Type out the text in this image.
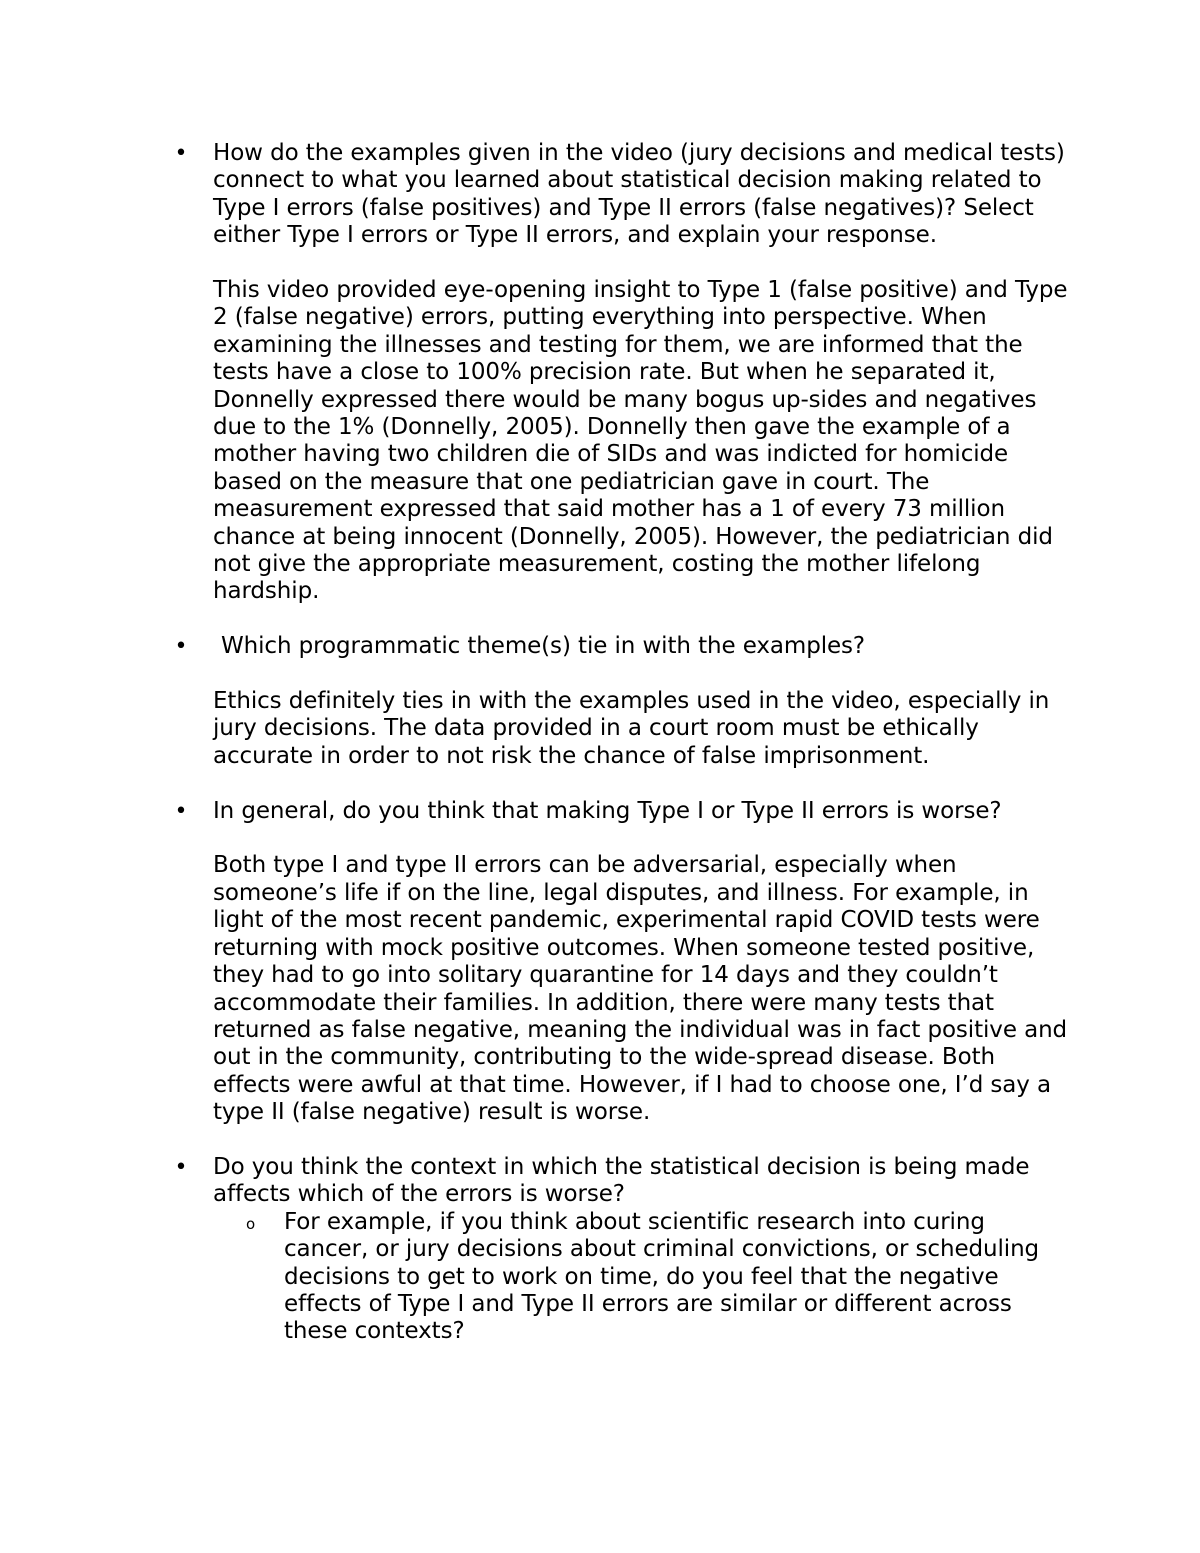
• How do the examples given in the video (jury decisions and medical tests) connect to what you learned about statistical decision making related to Type I errors (false positives) and Type II errors (false negatives)? Select either Type I errors or Type II errors, and explain your response.

This video provided eye-opening insight to Type 1 (false positive) and Type 2 (false negative) errors, putting everything into perspective. When examining the illnesses and testing for them, we are informed that the tests have a close to 100% precision rate. But when he separated it, Donnelly expressed there would be many bogus up-sides and negatives due to the 1% (Donnelly, 2005). Donnelly then gave the example of a mother having two children die of SIDs and was indicted for homicide based on the measure that one pediatrician gave in court. The measurement expressed that said mother has a 1 of every 73 million chance at being innocent (Donnelly, 2005). However, the pediatrician did not give the appropriate measurement, costing the mother lifelong hardship.

•	Which programmatic theme(s) tie in with the examples?

Ethics definitely ties in with the examples used in the video, especially in jury decisions. The data provided in a court room must be ethically accurate in order to not risk the chance of false imprisonment.

• In general, do you think that making Type I or Type II errors is worse?

Both type I and type II errors can be adversarial, especially when someone’s life if on the line, legal disputes, and illness. For example, in light of the most recent pandemic, experimental rapid COVID tests were returning with mock positive outcomes. When someone tested positive, they had to go into solitary quarantine for 14 days and they couldn’t accommodate their families. In addition, there were many tests that returned as false negative, meaning the individual was in fact positive and out in the community, contributing to the wide-spread disease. Both effects were awful at that time. However, if I had to choose one, I’d say a type II (false negative) result is worse.

• Do you think the context in which the statistical decision is being made affects which of the errors is worse?

o For example, if you think about scientific research into curing cancer, or jury decisions about criminal convictions, or scheduling decisions to get to work on time, do you feel that the negative effects of Type I and Type II errors are similar or different across these contexts?
